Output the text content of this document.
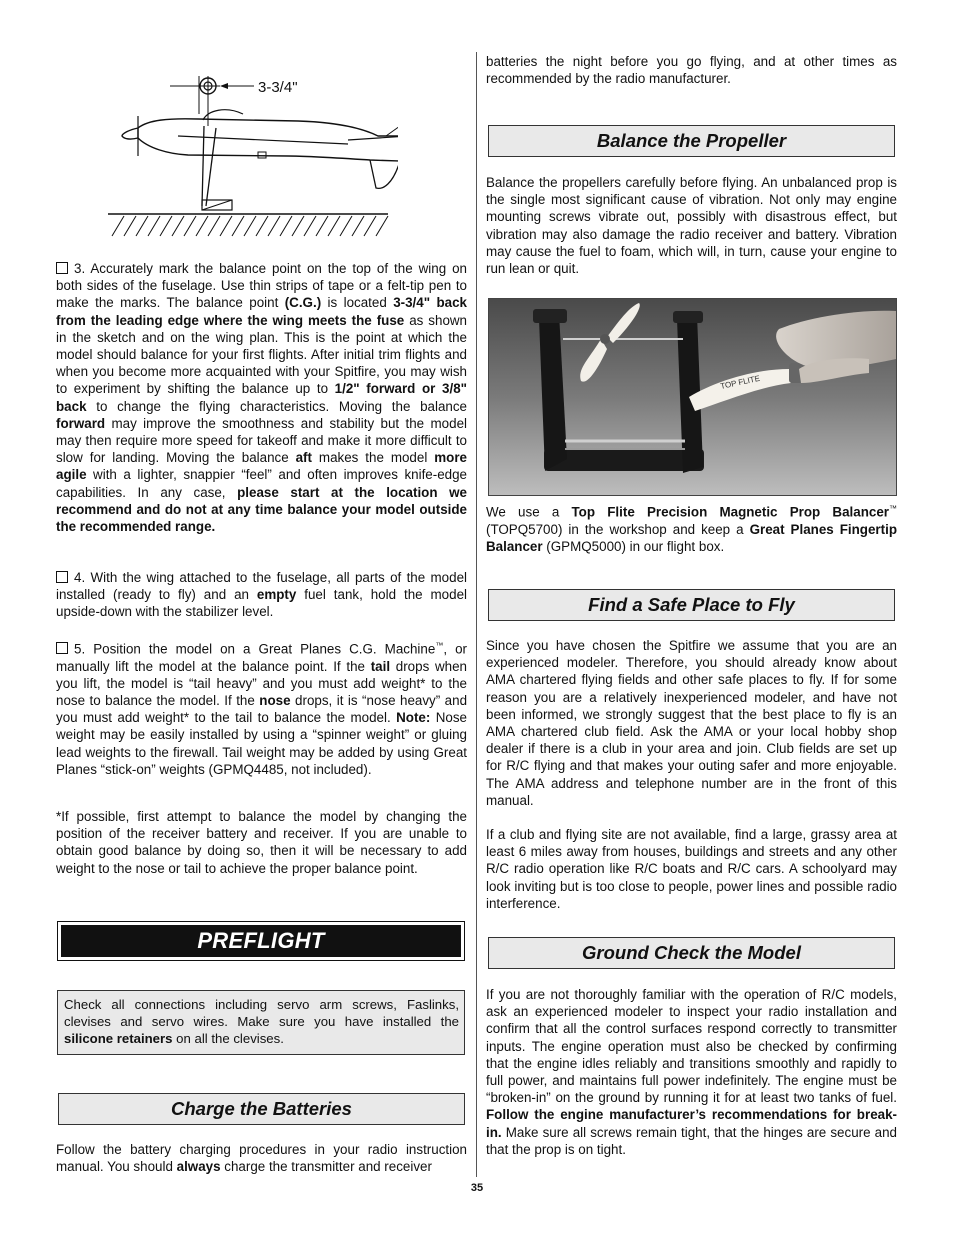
3-3/4"

3. Accurately mark the balance point on the top of the wing on both sides of the fuselage. Use thin strips of tape or a felt-tip pen to make the marks. The balance point (C.G.) is located 3-3/4" back from the leading edge where the wing meets the fuse as shown in the sketch and on the wing plan. This is the point at which the model should balance for your first flights. After initial trim flights and when you become more acquainted with your Spitfire, you may wish to experiment by shifting the balance up to 1/2" forward or 3/8" back to change the flying characteristics. Moving the balance forward may improve the smoothness and stability but the model may then require more speed for takeoff and make it more difficult to slow for landing. Moving the balance aft makes the model more agile with a lighter, snappier “feel” and often improves knife-edge capabilities. In any case, please start at the location we recommend and do not at any time balance your model outside the recommended range.

4. With the wing attached to the fuselage, all parts of the model installed (ready to fly) and an empty fuel tank, hold the model upside-down with the stabilizer level.

5. Position the model on a Great Planes C.G. Machine™, or manually lift the model at the balance point. If the tail drops when you lift, the model is “tail heavy” and you must add weight* to the nose to balance the model. If the nose drops, it is “nose heavy” and you must add weight* to the tail to balance the model. Note: Nose weight may be easily installed by using a “spinner weight” or gluing lead weights to the firewall. Tail weight may be added by using Great Planes “stick-on” weights (GPMQ4485, not included).

*If possible, first attempt to balance the model by changing the position of the receiver battery and receiver. If you are unable to obtain good balance by doing so, then it will be necessary to add weight to the nose or tail to achieve the proper balance point.

PREFLIGHT

Check all connections including servo arm screws, Faslinks, clevises and servo wires. Make sure you have installed the silicone retainers on all the clevises.

Charge the Batteries

Follow the battery charging procedures in your radio instruction manual. You should always charge the transmitter and receiver

batteries the night before you go flying, and at other times as recommended by the radio manufacturer.

Balance the Propeller

Balance the propellers carefully before flying. An unbalanced prop is the single most significant cause of vibration. Not only may engine mounting screws vibrate out, possibly with disastrous effect, but vibration may also damage the radio receiver and battery. Vibration may cause the fuel to foam, which will, in turn, cause your engine to run lean or quit.

TOP FLITE

We use a Top Flite Precision Magnetic Prop Balancer™ (TOPQ5700) in the workshop and keep a Great Planes Fingertip Balancer (GPMQ5000) in our flight box.

Find a Safe Place to Fly

Since you have chosen the Spitfire we assume that you are an experienced modeler. Therefore, you should already know about AMA chartered flying fields and other safe places to fly. If for some reason you are a relatively inexperienced modeler, and have not been informed, we strongly suggest that the best place to fly is an AMA chartered club field. Ask the AMA or your local hobby shop dealer if there is a club in your area and join. Club fields are set up for R/C flying and that makes your outing safer and more enjoyable. The AMA address and telephone number are in the front of this manual.

If a club and flying site are not available, find a large, grassy area at least 6 miles away from houses, buildings and streets and any other R/C radio operation like R/C boats and R/C cars. A schoolyard may look inviting but is too close to people, power lines and possible radio interference.

Ground Check the Model

If you are not thoroughly familiar with the operation of R/C models, ask an experienced modeler to inspect your radio installation and confirm that all the control surfaces respond correctly to transmitter inputs. The engine operation must also be checked by confirming that the engine idles reliably and transitions smoothly and rapidly to full power, and maintains full power indefinitely. The engine must be “broken-in” on the ground by running it for at least two tanks of fuel. Follow the engine manufacturer’s recommendations for break-in. Make sure all screws remain tight, that the hinges are secure and that the prop is on tight.

35
